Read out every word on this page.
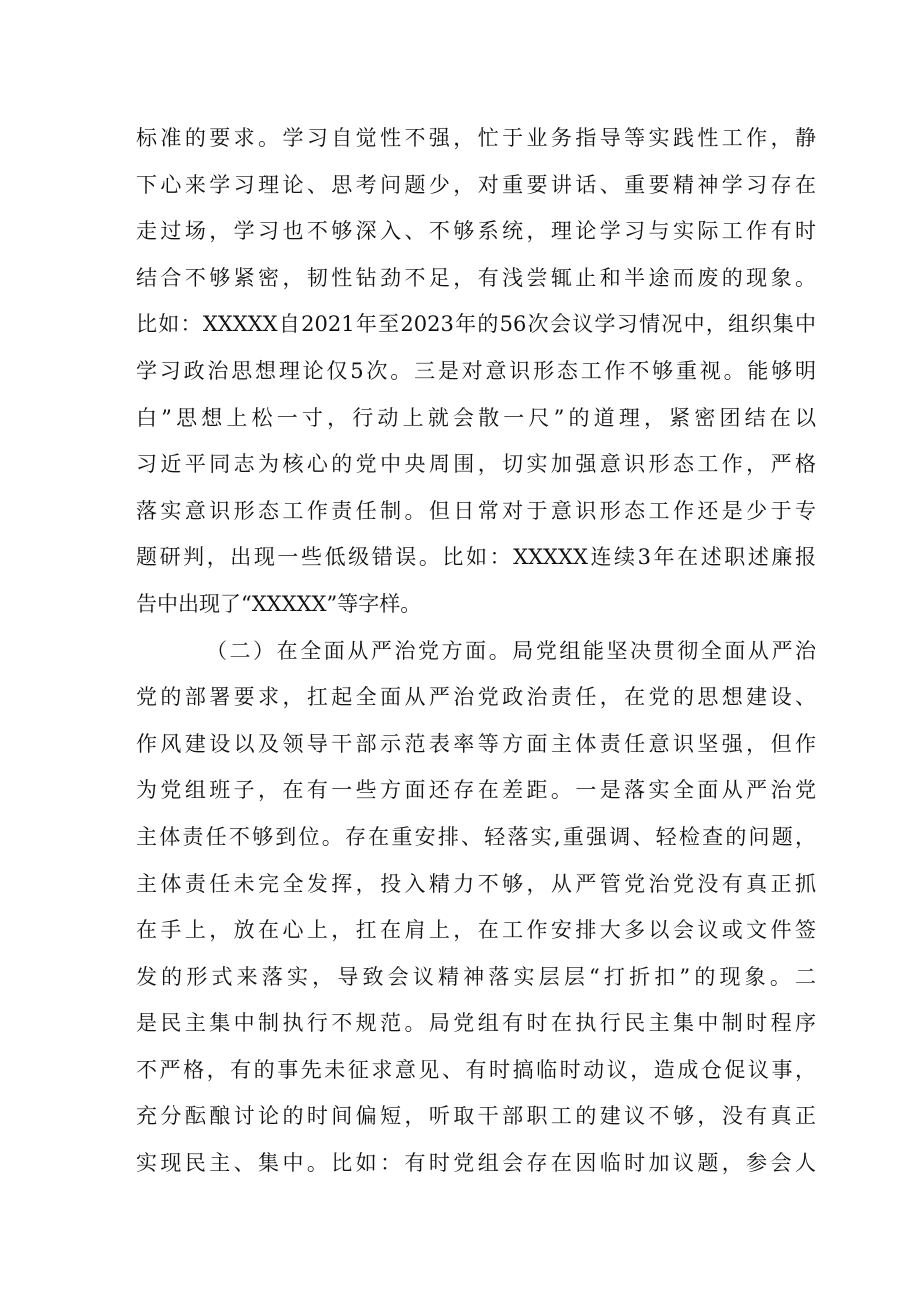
标准的要求。学习自觉性不强，忙于业务指导等实践性工作，静
下心来学习理论、思考问题少，对重要讲话、重要精神学习存在
走过场，学习也不够深入、不够系统，理论学习与实际工作有时
结合不够紧密，韧性钻劲不足，有浅尝辄止和半途而废的现象。
比如：XXXXX自2021年至2023年的56次会议学习情况中，组织集中
学习政治思想理论仅5次。三是对意识形态工作不够重视。能够明
白”思想上松一寸，行动上就会散一尺”的道理，紧密团结在以
习近平同志为核心的党中央周围，切实加强意识形态工作，严格
落实意识形态工作责任制。但日常对于意识形态工作还是少于专
题研判，出现一些低级错误。比如：XXXXX连续3年在述职述廉报
告中出现了“XXXXX”等字样。
（二）在全面从严治党方面。局党组能坚决贯彻全面从严治
党的部署要求，扛起全面从严治党政治责任，在党的思想建设、
作风建设以及领导干部示范表率等方面主体责任意识坚强，但作
为党组班子，在有一些方面还存在差距。一是落实全面从严治党
主体责任不够到位。存在重安排、轻落实,重强调、轻检查的问题，
主体责任未完全发挥，投入精力不够，从严管党治党没有真正抓
在手上，放在心上，扛在肩上，在工作安排大多以会议或文件签
发的形式来落实，导致会议精神落实层层“打折扣”的现象。二
是民主集中制执行不规范。局党组有时在执行民主集中制时程序
不严格，有的事先未征求意见、有时搞临时动议，造成仓促议事，
充分酝酿讨论的时间偏短，听取干部职工的建议不够，没有真正
实现民主、集中。比如：有时党组会存在因临时加议题，参会人
